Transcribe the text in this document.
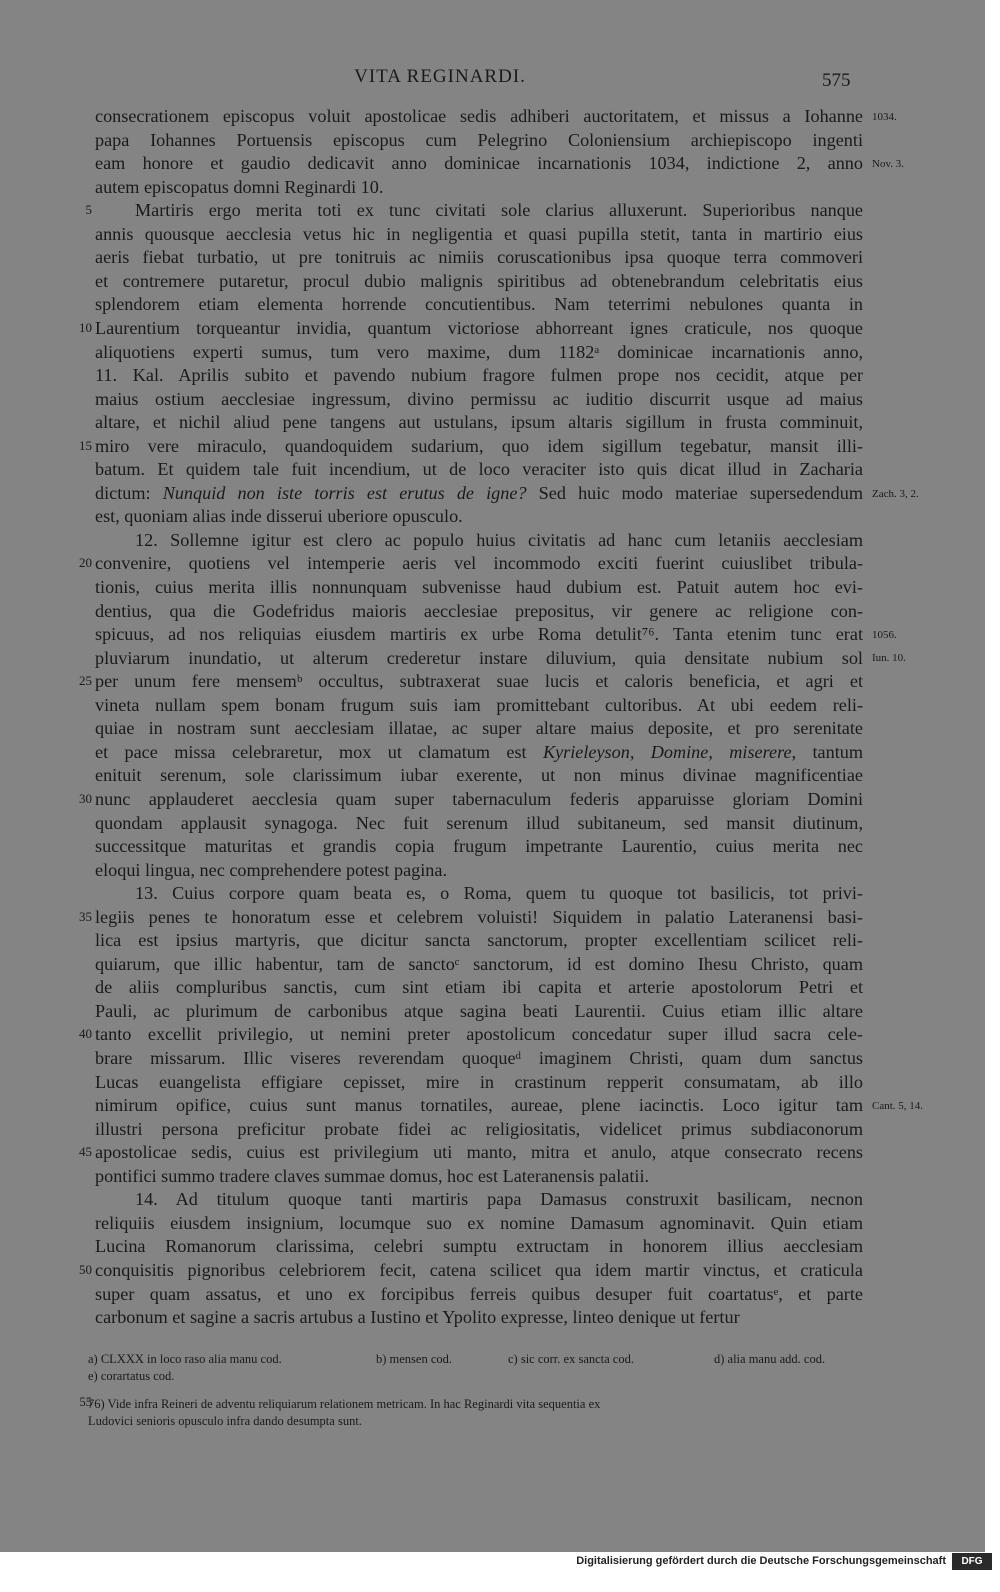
VITA REGINARDI.	575
consecrationem episcopus voluit apostolicae sedis adhiberi auctoritatem, et missus a Iohanne 1034.
papa Iohannes Portuensis episcopus cum Pelegrino Coloniensium archiepiscopo ingenti
eam honore et gaudio dedicavit anno dominicae incarnationis 1034, indictione 2, anno Nov. 3.
autem episcopatus domni Reginardi 10.
Martiris ergo merita toti ex tunc civitati sole clarius alluxerunt. Superioribus nanque
5
annis quousque aecclesia vetus hic in negligentia et quasi pupilla stetit, tanta in martirio eius
aeris fiebat turbatio, ut pre tonitruis ac nimiis coruscationibus ipsa quoque terra commoveri
et contremere putaretur, procul dubio malignis spiritibus ad obtenebrandum celebritatis eius
splendorem etiam elementa horrende concutientibus. Nam teterrimi nebulones quanta in
Laurentium torqueantur invidia, quantum victoriose abhorreant ignes craticule, nos quoque
10
aliquotiens experti sumus, tum vero maxime, dum 1182ᵃ dominicae incarnationis anno,
11. Kal. Aprilis subito et pavendo nubium fragore fulmen prope nos cecidit, atque per
maius ostium aecclesiae ingressum, divino permissu ac iuditio discurrit usque ad maius
altare, et nichil aliud pene tangens aut ustulans, ipsum altaris sigillum in frusta comminuit,
miro vere miraculo, quandoquidem sudarium, quo idem sigillum tegebatur, mansit illi-
15
batum. Et quidem tale fuit incendium, ut de loco veraciter isto quis dicat illud in Zacharia
dictum: Nunquid non iste torris est erutus de igne? Sed huic modo materiae supersedendum Zach. 3, 2.
est, quoniam alias inde disserui uberiore opusculo.
12. Sollemne igitur est clero ac populo huius civitatis ad hanc cum letaniis aecclesiam
convenire, quotiens vel intemperie aeris vel incommodo exciti fuerint cuiuslibet tribula-
20
tionis, cuius merita illis nonnunquam subvenisse haud dubium est. Patuit autem hoc evi-
dentius, qua die Godefridus maioris aecclesiae prepositus, vir genere ac religione con-
spicuus, ad nos reliquias eiusdem martiris ex urbe Roma detulit⁷⁶. Tanta etenim tunc erat 1056.
pluviarum inundatio, ut alterum crederetur instare diluvium, quia densitate nubium sol Iun. 10.
per unum fere mensemᵇ occultus, subtraxerat suae lucis et caloris beneficia, et agri et
25
vineta nullam spem bonam frugum suis iam promittebant cultoribus. At ubi eedem reli-
quiae in nostram sunt aecclesiam illatae, ac super altare maius deposite, et pro serenitate
et pace missa celebraretur, mox ut clamatum est Kyrieleyson, Domine, miserere, tantum
enituit serenum, sole clarissimum iubar exerente, ut non minus divinae magnificentiae
nunc applauderet aecclesia quam super tabernaculum federis apparuisse gloriam Domini
30
quondam applausit synagoga. Nec fuit serenum illud subitaneum, sed mansit diutinum,
successitque maturitas et grandis copia frugum impetrante Laurentio, cuius merita nec
eloqui lingua, nec comprehendere potest pagina.
13. Cuius corpore quam beata es, o Roma, quem tu quoque tot basilicis, tot privi-
legiis penes te honoratum esse et celebrem voluisti! Siquidem in palatio Lateranensi basi-
35
lica est ipsius martyris, que dicitur sancta sanctorum, propter excellentiam scilicet reli-
quiarum, que illic habentur, tam de sanctoᶜ sanctorum, id est domino Ihesu Christo, quam
de aliis compluribus sanctis, cum sint etiam ibi capita et arterie apostolorum Petri et
Pauli, ac plurimum de carbonibus atque sagina beati Laurentii. Cuius etiam illic altare
tanto excellit privilegio, ut nemini preter apostolicum concedatur super illud sacra cele-
40
brare missarum. Illic viseres reverendam quoqueᵈ imaginem Christi, quam dum sanctus
Lucas euangelista effigiare cepisset, mire in crastinum repperit consumatam, ab illo
nimirum opifice, cuius sunt manus tornatiles, aureae, plene iacinctis. Loco igitur tam Cant. 5, 14.
illustri persona preficitur probate fidei ac religiositatis, videlicet primus subdiaconorum
apostolicae sedis, cuius est privilegium uti manto, mitra et anulo, atque consecrato recens
45
pontifici summo tradere claves summae domus, hoc est Lateranensis palatii.
14. Ad titulum quoque tanti martiris papa Damasus construxit basilicam, necnon
reliquiis eiusdem insignium, locumque suo ex nomine Damasum agnominavit. Quin etiam
Lucina Romanorum clarissima, celebri sumptu extructam in honorem illius aecclesiam
conquisitis pignoribus celebriorem fecit, catena scilicet qua idem martir vinctus, et craticula
50
super quam assatus, et uno ex forcipibus ferreis quibus desuper fuit coartatusᵉ, et parte
carbonum et sagine a sacris artubus a Iustino et Ypolito expresse, linteo denique ut fertur
a) CLXXX in loco raso alia manu cod.	b) mensen cod.	c) sic corr. ex sancta cod.	d) alia manu add. cod.
e) corartatus cod.
55
76) Vide infra Reineri de adventu reliquiarum relationem metricam. In hac Reginardi vita sequentia ex
Ludovici senioris opusculo infra dando desumpta sunt.
Digitalisierung gefördert durch die Deutsche Forschungsgemeinschaft	DFG
